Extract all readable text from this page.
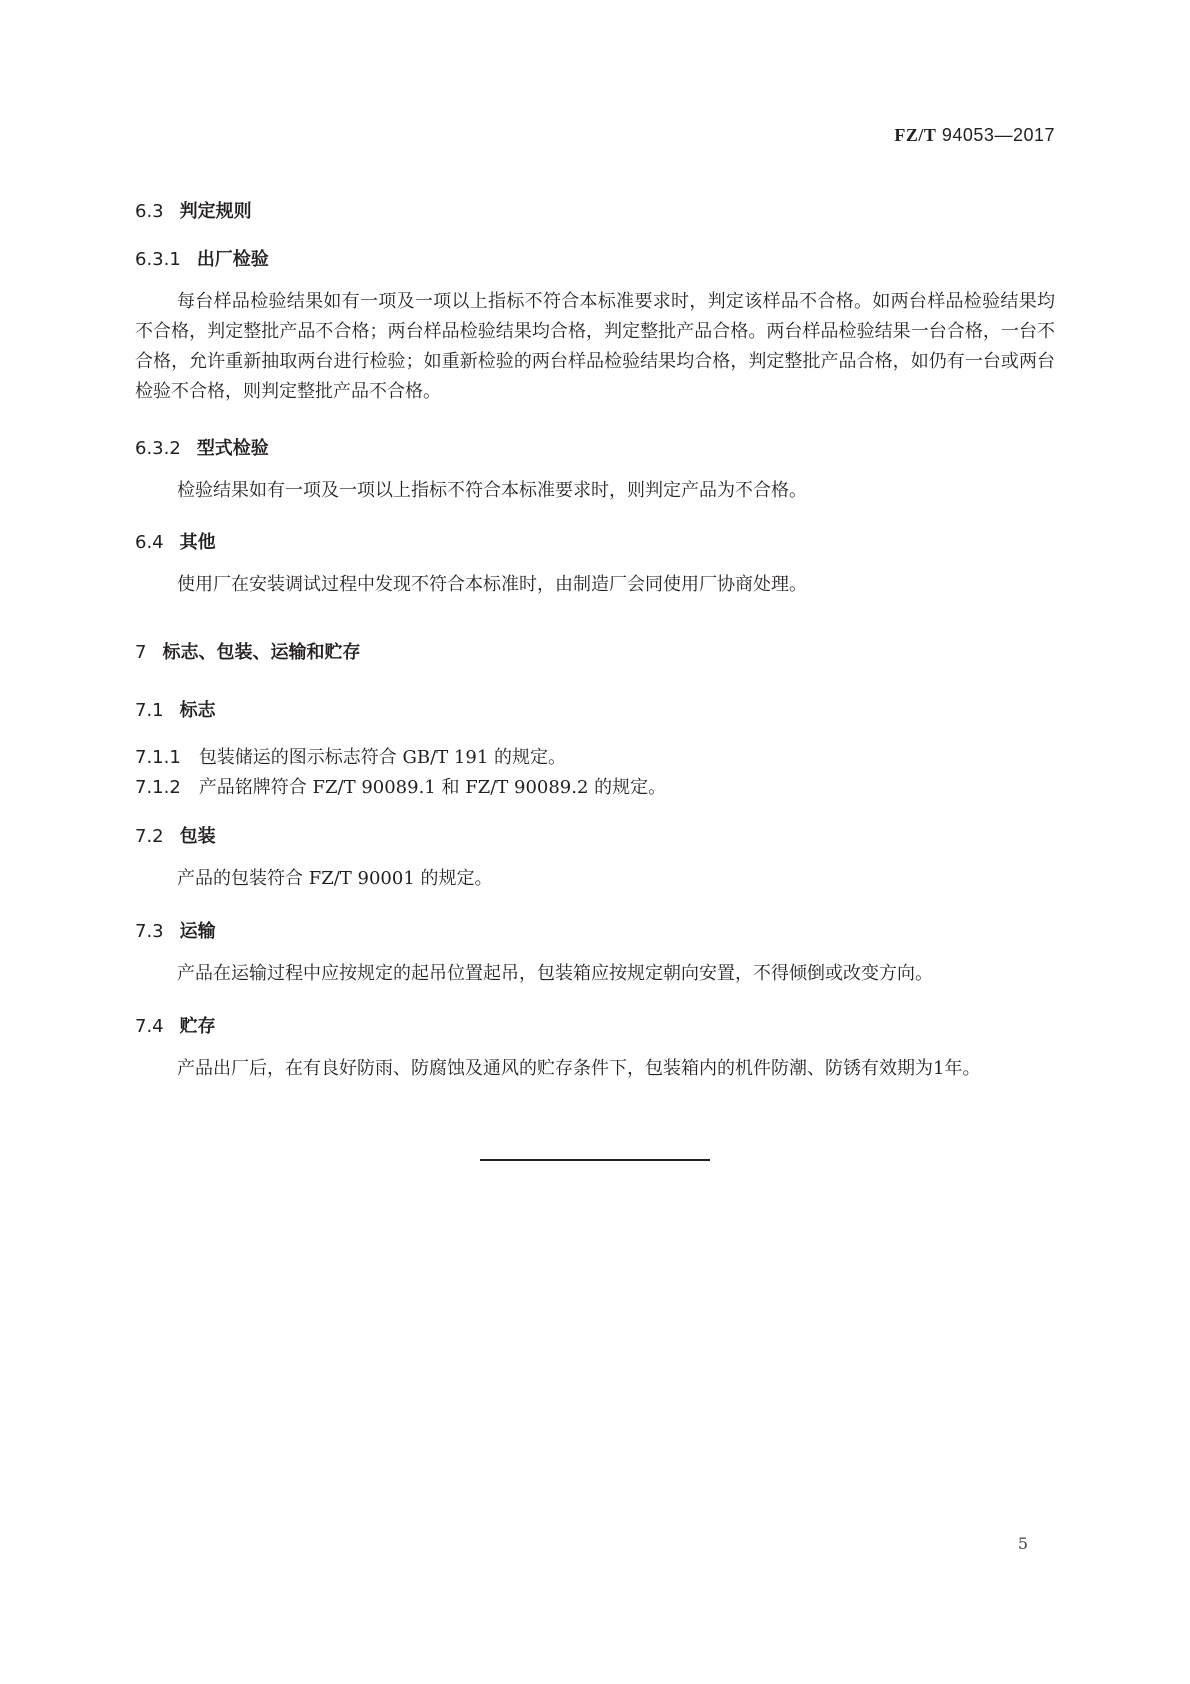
FZ/T 94053—2017
6.3 判定规则
6.3.1 出厂检验
每台样品检验结果如有一项及一项以上指标不符合本标准要求时，判定该样品不合格。如两台样品检验结果均不合格，判定整批产品不合格；两台样品检验结果均合格，判定整批产品合格。两台样品检验结果一台合格，一台不合格，允许重新抽取两台进行检验；如重新检验的两台样品检验结果均合格，判定整批产品合格，如仍有一台或两台检验不合格，则判定整批产品不合格。
6.3.2 型式检验
检验结果如有一项及一项以上指标不符合本标准要求时，则判定产品为不合格。
6.4 其他
使用厂在安装调试过程中发现不符合本标准时，由制造厂会同使用厂协商处理。
7 标志、包装、运输和贮存
7.1 标志
7.1.1 包装储运的图示标志符合 GB/T 191 的规定。
7.1.2 产品铭牌符合 FZ/T 90089.1 和 FZ/T 90089.2 的规定。
7.2 包装
产品的包装符合 FZ/T 90001 的规定。
7.3 运输
产品在运输过程中应按规定的起吊位置起吊，包装箱应按规定朝向安置，不得倾倒或改变方向。
7.4 贮存
产品出厂后，在有良好防雨、防腐蚀及通风的贮存条件下，包装箱内的机件防潮、防锈有效期为1年。
5
